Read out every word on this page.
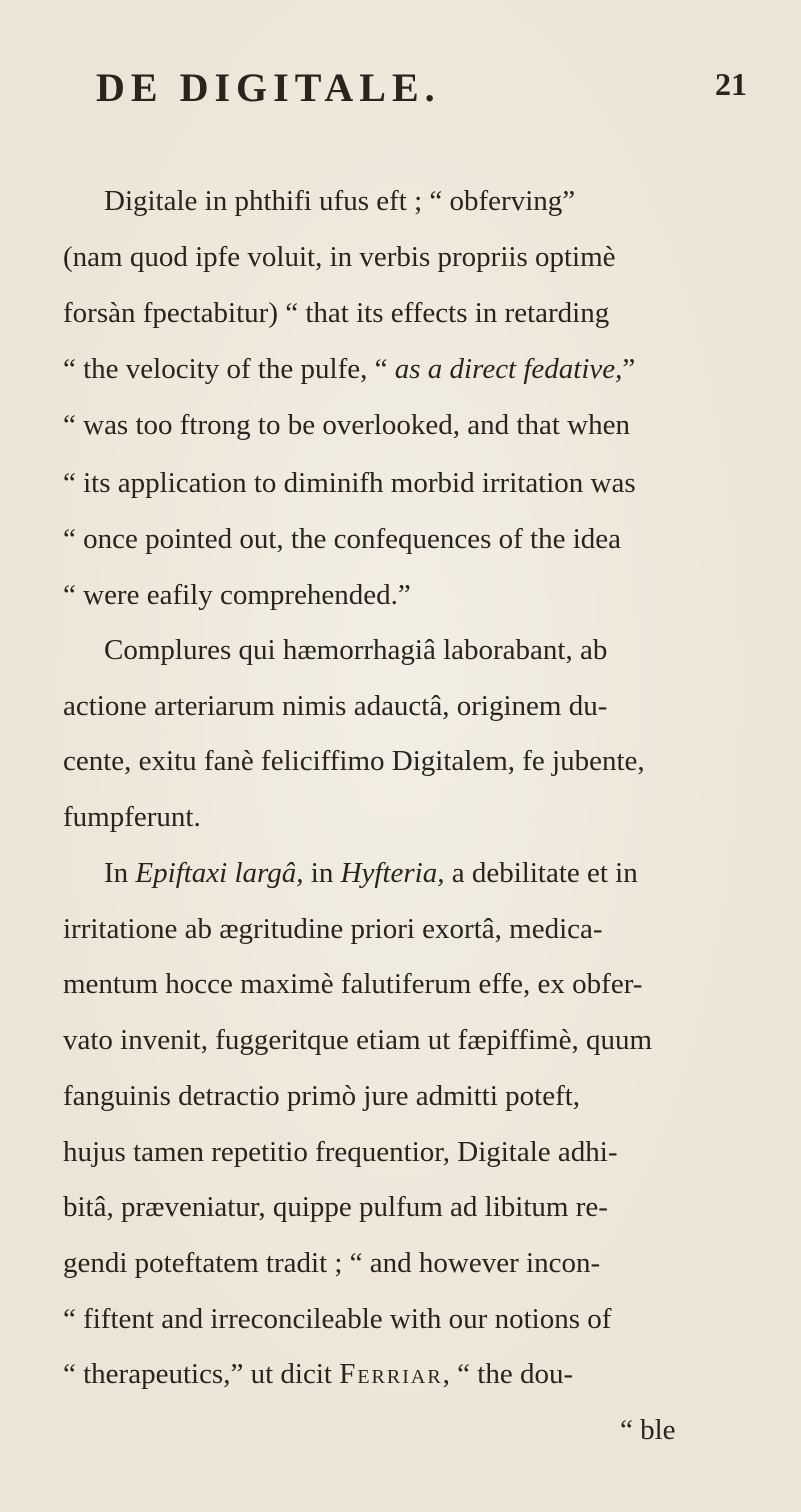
DE DIGITALE.	21
Digitale in phthifi ufus eft ; “ obferving”
(nam quod ipfe voluit, in verbis propriis optimè
forsàn fpectabitur) “ that its effects in retarding
“ the velocity of the pulfe, “ as a direct fedative,”
“ was too ftrong to be overlooked, and that when
“ its application to diminifh morbid irritation was
“ once pointed out, the confequences of the idea
“ were eafily comprehended.”
Complures qui hæmorrhagiâ laborabant, ab
actione arteriarum nimis adauctâ, originem du-
cente, exitu fanè feliciffimo Digitalem, fe jubente,
fumpferunt.
In Epiftaxi largâ, in Hyfteria, a debilitate et in
irritatione ab ægritudine priori exortâ, medica-
mentum hocce maximè falutiferum effe, ex obfer-
vato invenit, fuggeritque etiam ut fæpiffimè, quum
fanguinis detractio primò jure admitti poteft,
hujus tamen repetitio frequentior, Digitale adhi-
bitâ, præveniatur, quippe pulfum ad libitum re-
gendi poteftatem tradit ; “ and however incon-
“ fiftent and irreconcileable with our notions of
“ therapeutics,” ut dicit Ferriar, “ the dou-
“ ble
